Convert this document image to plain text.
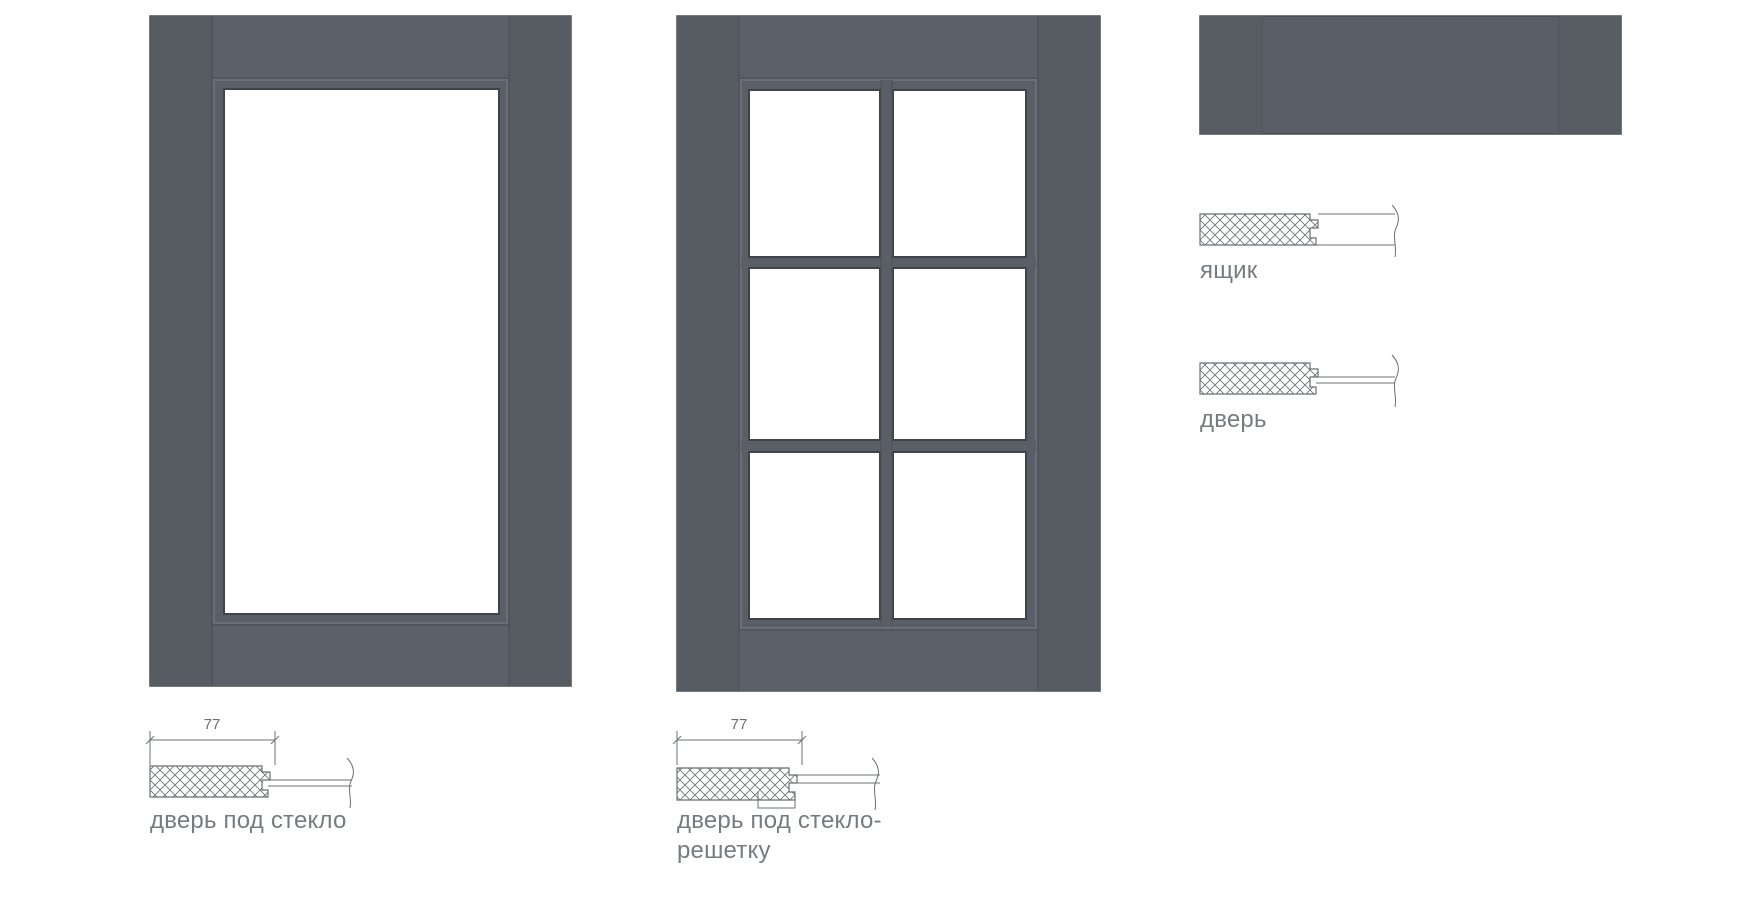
77	77

дверь под стекло	дверь под стекло-решетку

ящик

дверь
